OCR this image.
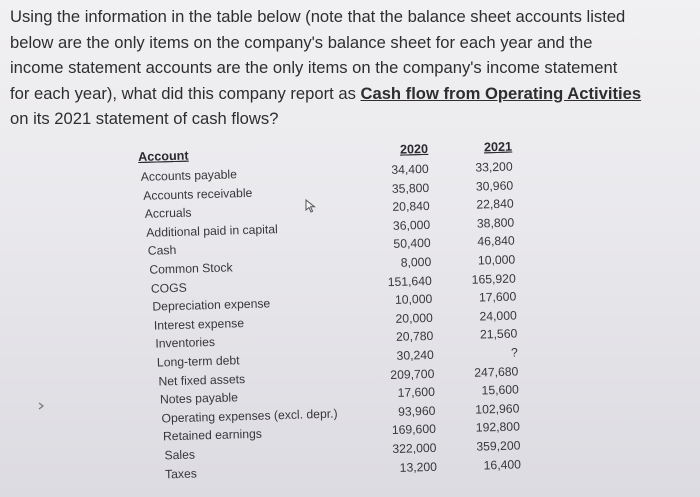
Using the information in the table below (note that the balance sheet accounts listed
below are the only items on the company's balance sheet for each year and the
income statement accounts are the only items on the company's income statement
for each year), what did this company report as Cash flow from Operating Activities
on its 2021 statement of cash flows?

Account	2020	2021
Accounts payable	34,400	33,200
Accounts receivable	35,800	30,960
Accruals	20,840	22,840
Additional paid in capital	36,000	38,800
Cash	50,400	46,840
Common Stock	8,000	10,000
COGS	151,640	165,920
Depreciation expense	10,000	17,600
Interest expense	20,000	24,000
Inventories	20,780	21,560
Long-term debt	30,240	?
Net fixed assets	209,700	247,680
Notes payable	17,600	15,600
Operating expenses (excl. depr.)	93,960	102,960
Retained earnings	169,600	192,800
Sales	322,000	359,200
Taxes	13,200	16,400
